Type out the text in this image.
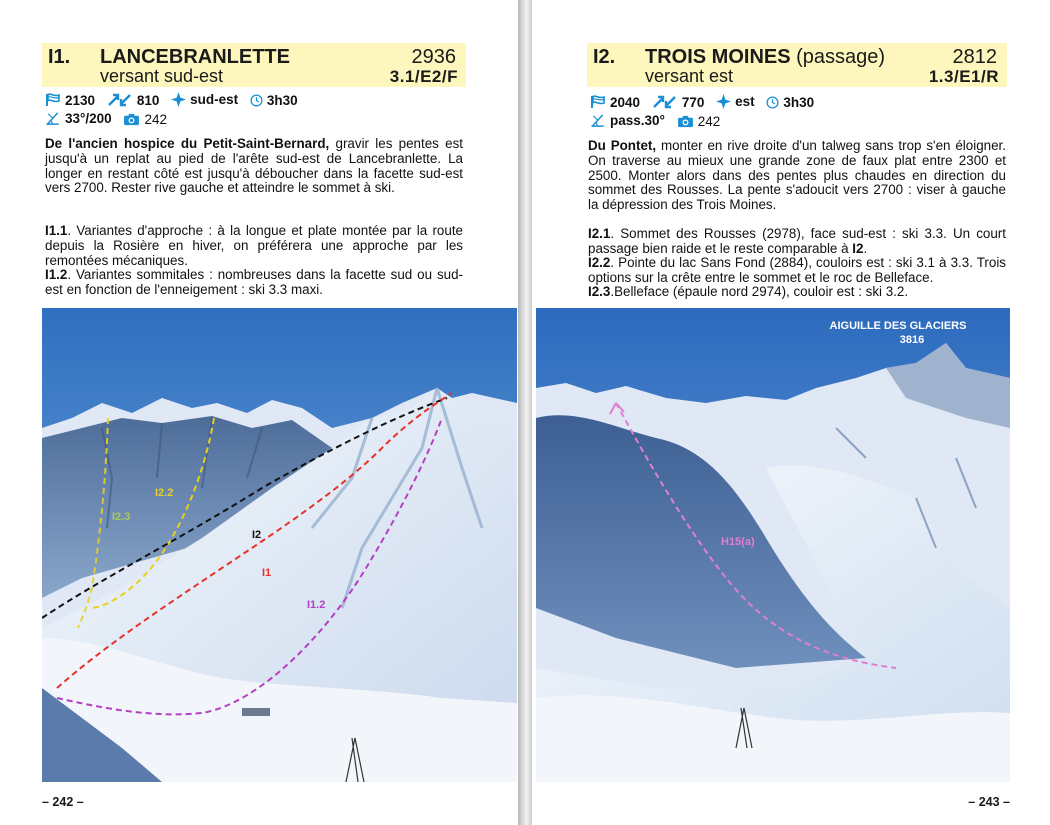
I1. LANCEBRANLETTE
versant sud-est
2936
3.1/E2/F
2130
	810
sud-est
3h30
33°/200
242

De l'ancien hospice du Petit-Saint-Bernard, gravir les pentes est jusqu'à un replat au pied de l'arête sud-est de Lancebranlette. La longer en restant côté est jusqu'à déboucher dans la facette sud-est vers 2700. Rester rive gauche et atteindre le sommet à ski.

I1.1. Variantes d'approche : à la longue et plate montée par la route depuis la Rosière en hiver, on préférera une approche par les remontées mécaniques.

I1.2. Variantes sommitales : nombreuses dans la facette sud ou sud-est en fonction de l'enneigement : ski 3.3 maxi.

I2.2
I2.3
I2
I1
I1.2
– 242 –
I2. TROIS MOINES (passage)
versant est
2812
1.3/E1/R
2040
	770
est
3h30
pass.30°
242

Du Pontet, monter en rive droite d'un talweg sans trop s'en éloigner. On traverse au mieux une grande zone de faux plat entre 2300 et 2500. Monter alors dans des pentes plus chaudes en direction du sommet des Rousses. La pente s'adoucit vers 2700 : viser à gauche la dépression des Trois Moines.

I2.1. Sommet des Rousses (2978), face sud-est : ski 3.3. Un court passage bien raide et le reste comparable à I2.

I2.2. Pointe du lac Sans Fond (2884), couloirs est : ski 3.1 à 3.3. Trois options sur la crête entre le sommet et le roc de Belleface.

I2.3.Belleface (épaule nord 2974), couloir est : ski 3.2.

H15(a)
AIGUILLE DES GLACIERS
3816
– 243 –
